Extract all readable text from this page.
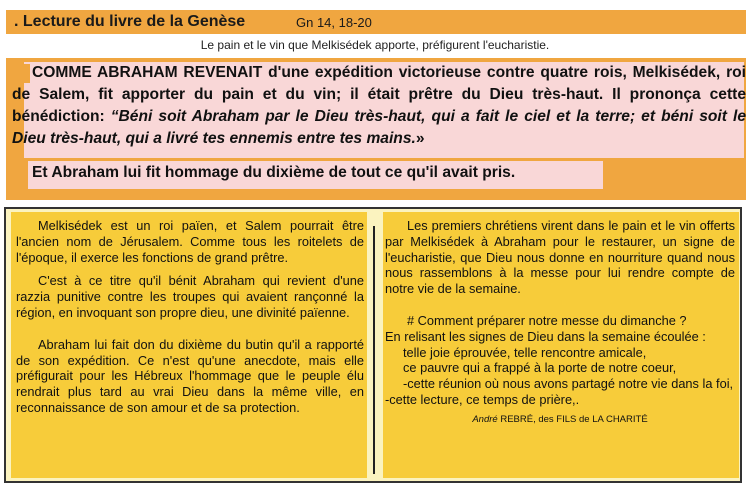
. Lecture du livre de la Genèse	Gn 14, 18-20
Le pain et le vin que Melkisédek apporte, préfigurent l'eucharistie.
COMME ABRAHAM REVENAIT d'une expédition victorieuse contre quatre rois, Melkisédek, roi de Salem, fit apporter du pain et du vin; il était prêtre du Dieu très-haut. Il prononça cette bénédiction: “Béni soit Abraham par le Dieu très-haut, qui a fait le ciel et la terre; et béni soit le Dieu très-haut, qui a livré tes ennemis entre tes mains.»
Et Abraham lui fit hommage du dixième de tout ce qu'il avait pris.

Melkisédek est un roi païen, et Salem pourrait être l'ancien nom de Jérusalem. Comme tous les roitelets de l'époque, il exerce les fonctions de grand prêtre.

C'est à ce titre qu'il bénit Abraham qui revient d'une razzia punitive contre les troupes qui avaient rançonné la région, en invoquant son propre dieu, une divinité païenne.

Abraham lui fait don du dixième du butin qu'il a rapporté de son expédition. Ce n'est qu'une anecdote, mais elle préfigurait pour les Hébreux l'hommage que le peuple élu rendrait plus tard au vrai Dieu dans la même ville, en reconnaissance de son amour et de sa protection.

Les premiers chrétiens virent dans le pain et le vin offerts par Melkisédek à Abraham pour le restaurer, un signe de l'eucharistie, que Dieu nous donne en nourriture quand nous nous rassemblons à la messe pour lui rendre compte de notre vie de la semaine.

# Comment préparer notre messe du dimanche ?

En relisant les signes de Dieu dans la semaine écoulée :

telle joie éprouvée, telle rencontre amicale,

ce pauvre qui a frappé à la porte de notre coeur,

-cette réunion où nous avons partagé notre vie dans la foi, -cette lecture, ce temps de prière,.

André REBRÉ, des FILS de LA CHARITÉ
